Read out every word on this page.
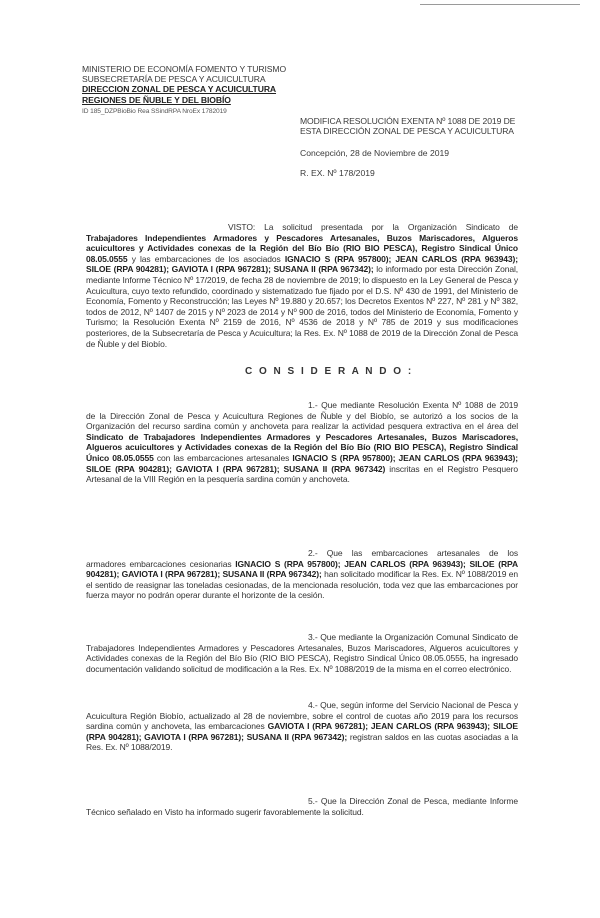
MINISTERIO DE ECONOMÍA FOMENTO Y TURISMO
SUBSECRETARÍA DE PESCA Y ACUICULTURA
DIRECCION ZONAL DE PESCA Y ACUICULTURA
REGIONES DE ÑUBLE Y DEL BIOBÍO
ID 185_DZPBioBio Rea SSindRPA NroEx 1782019
MODIFICA RESOLUCIÓN EXENTA Nº 1088 DE 2019 DE ESTA DIRECCIÓN ZONAL DE PESCA Y ACUICULTURA
Concepción, 28 de Noviembre de 2019
R. EX. Nº 178/2019
VISTO: La solicitud presentada por la Organización Sindicato de Trabajadores Independientes Armadores y Pescadores Artesanales, Buzos Mariscadores, Algueros acuicultores y Actividades conexas de la Región del Bío Bío (RIO BIO PESCA), Registro Sindical Único 08.05.0555 y las embarcaciones de los asociados IGNACIO S (RPA 957800); JEAN CARLOS (RPA 963943); SILOE (RPA 904281); GAVIOTA I (RPA 967281); SUSANA II (RPA 967342); lo informado por esta Dirección Zonal, mediante Informe Técnico Nº 17/2019, de fecha 28 de noviembre de 2019; lo dispuesto en la Ley General de Pesca y Acuicultura, cuyo texto refundido, coordinado y sistematizado fue fijado por el D.S. Nº 430 de 1991, del Ministerio de Economía, Fomento y Reconstrucción; las Leyes Nº 19.880 y 20.657; los Decretos Exentos Nº 227, Nº 281 y Nº 382, todos de 2012, Nº 1407 de 2015 y Nº 2023 de 2014 y Nº 900 de 2016, todos del Ministerio de Economía, Fomento y Turismo; la Resolución Exenta Nº 2159 de 2016, Nº 4536 de 2018 y Nº 785 de 2019 y sus modificaciones posteriores, de la Subsecretaría de Pesca y Acuicultura; la Res. Ex. Nº 1088 de 2019 de la Dirección Zonal de Pesca de Ñuble y del Biobío.
C O N S I D E R A N D O :
1.- Que mediante Resolución Exenta Nº 1088 de 2019 de la Dirección Zonal de Pesca y Acuicultura Regiones de Ñuble y del Biobío, se autorizó a los socios de la Organización del recurso sardina común y anchoveta para realizar la actividad pesquera extractiva en el área del Sindicato de Trabajadores Independientes Armadores y Pescadores Artesanales, Buzos Mariscadores, Algueros acuicultores y Actividades conexas de la Región del Bío Bío (RIO BIO PESCA), Registro Sindical Único 08.05.0555 con las embarcaciones artesanales IGNACIO S (RPA 957800); JEAN CARLOS (RPA 963943); SILOE (RPA 904281); GAVIOTA I (RPA 967281); SUSANA II (RPA 967342) inscritas en el Registro Pesquero Artesanal de la VIII Región en la pesquería sardina común y anchoveta.
2.- Que las embarcaciones artesanales de los armadores embarcaciones cesionarias IGNACIO S (RPA 957800); JEAN CARLOS (RPA 963943); SILOE (RPA 904281); GAVIOTA I (RPA 967281); SUSANA II (RPA 967342); han solicitado modificar la Res. Ex. Nº 1088/2019 en el sentido de reasignar las toneladas cesionadas, de la mencionada resolución, toda vez que las embarcaciones por fuerza mayor no podrán operar durante el horizonte de la cesión.
3.- Que mediante la Organización Comunal Sindicato de Trabajadores Independientes Armadores y Pescadores Artesanales, Buzos Mariscadores, Algueros acuicultores y Actividades conexas de la Región del Bío Bío (RIO BIO PESCA), Registro Sindical Único 08.05.0555, ha ingresado documentación validando solicitud de modificación a la Res. Ex. Nº 1088/2019 de la misma en el correo electrónico.
4.- Que, según informe del Servicio Nacional de Pesca y Acuicultura Región Biobío, actualizado al 28 de noviembre, sobre el control de cuotas año 2019 para los recursos sardina común y anchoveta, las embarcaciones GAVIOTA I (RPA 967281); JEAN CARLOS (RPA 963943); SILOE (RPA 904281); GAVIOTA I (RPA 967281); SUSANA II (RPA 967342); registran saldos en las cuotas asociadas a la Res. Ex. Nº 1088/2019.
5.- Que la Dirección Zonal de Pesca, mediante Informe Técnico señalado en Visto ha informado sugerir favorablemente la solicitud.
